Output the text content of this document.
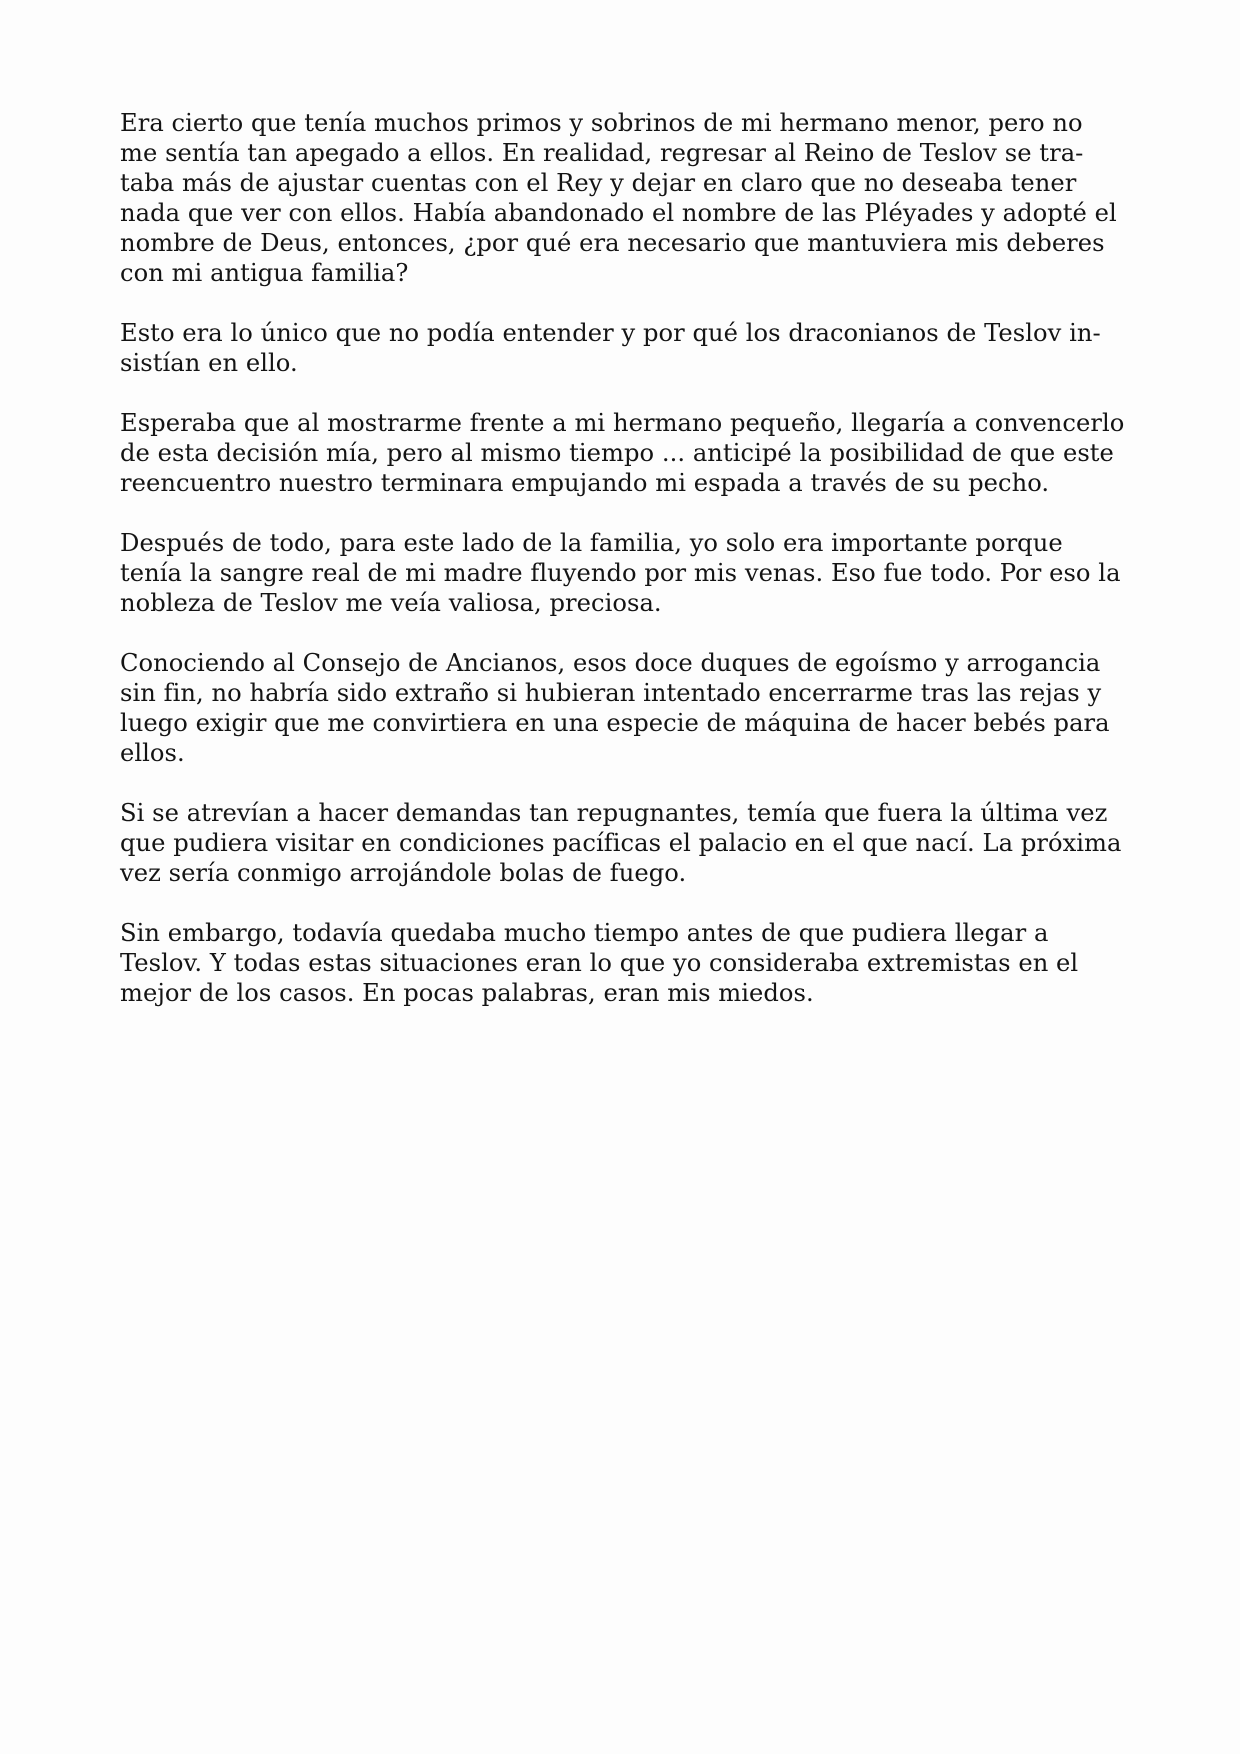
Era cierto que tenía muchos primos y sobrinos de mi hermano menor, pero no
me sentía tan apegado a ellos. En realidad, regresar al Reino de Teslov se tra-
taba más de ajustar cuentas con el Rey y dejar en claro que no deseaba tener
nada que ver con ellos. Había abandonado el nombre de las Pléyades y adopté el
nombre de Deus, entonces, ¿por qué era necesario que mantuviera mis deberes
con mi antigua familia?

Esto era lo único que no podía entender y por qué los draconianos de Teslov in-
sistían en ello.

Esperaba que al mostrarme frente a mi hermano pequeño, llegaría a convencerlo
de esta decisión mía, pero al mismo tiempo ... anticipé la posibilidad de que este
reencuentro nuestro terminara empujando mi espada a través de su pecho.

Después de todo, para este lado de la familia, yo solo era importante porque
tenía la sangre real de mi madre fluyendo por mis venas. Eso fue todo. Por eso la
nobleza de Teslov me veía valiosa, preciosa.

Conociendo al Consejo de Ancianos, esos doce duques de egoísmo y arrogancia
sin fin, no habría sido extraño si hubieran intentado encerrarme tras las rejas y
luego exigir que me convirtiera en una especie de máquina de hacer bebés para
ellos.

Si se atrevían a hacer demandas tan repugnantes, temía que fuera la última vez
que pudiera visitar en condiciones pacíficas el palacio en el que nací. La próxima
vez sería conmigo arrojándole bolas de fuego.

Sin embargo, todavía quedaba mucho tiempo antes de que pudiera llegar a
Teslov. Y todas estas situaciones eran lo que yo consideraba extremistas en el
mejor de los casos. En pocas palabras, eran mis miedos.
